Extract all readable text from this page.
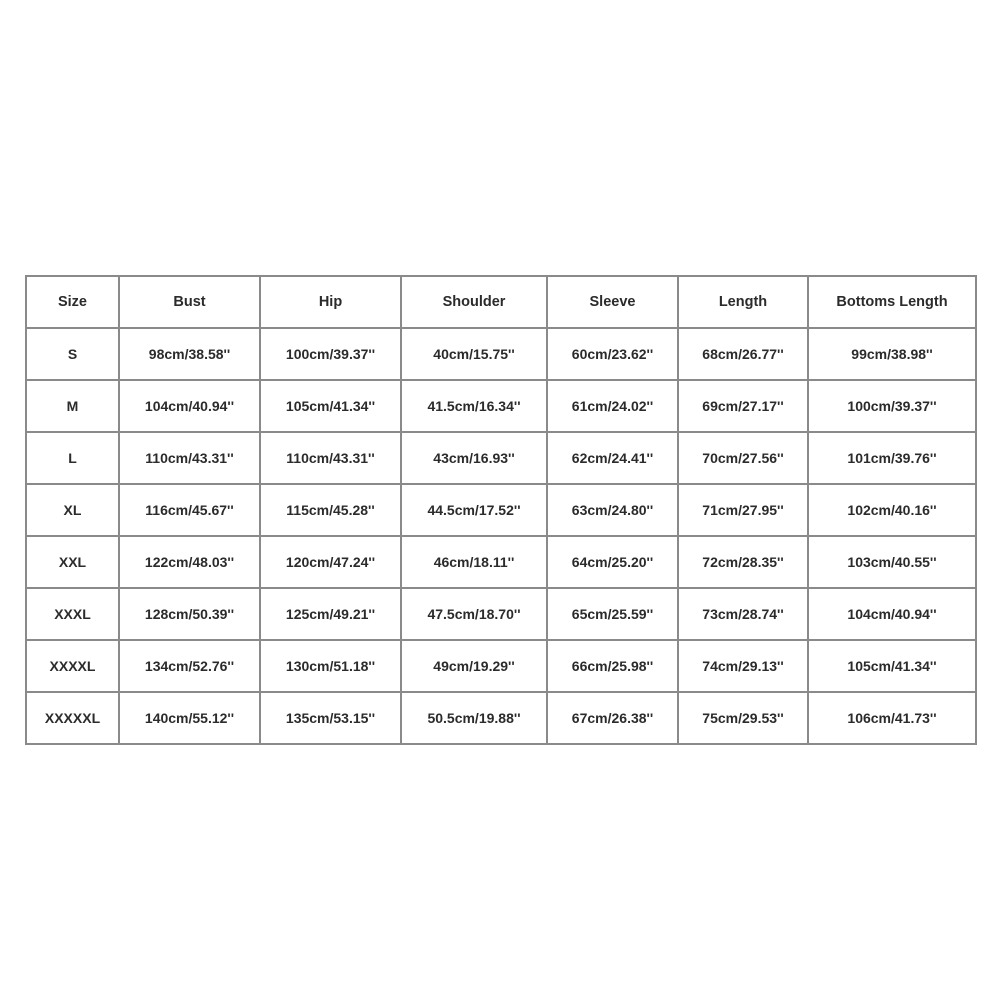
Size	Bust	Hip	Shoulder	Sleeve	Length	Bottoms Length
S	98cm/38.58''	100cm/39.37''	40cm/15.75''	60cm/23.62''	68cm/26.77''	99cm/38.98''
M	104cm/40.94''	105cm/41.34''	41.5cm/16.34''	61cm/24.02''	69cm/27.17''	100cm/39.37''
L	110cm/43.31''	110cm/43.31''	43cm/16.93''	62cm/24.41''	70cm/27.56''	101cm/39.76''
XL	116cm/45.67''	115cm/45.28''	44.5cm/17.52''	63cm/24.80''	71cm/27.95''	102cm/40.16''
XXL	122cm/48.03''	120cm/47.24''	46cm/18.11''	64cm/25.20''	72cm/28.35''	103cm/40.55''
XXXL	128cm/50.39''	125cm/49.21''	47.5cm/18.70''	65cm/25.59''	73cm/28.74''	104cm/40.94''
XXXXL	134cm/52.76''	130cm/51.18''	49cm/19.29''	66cm/25.98''	74cm/29.13''	105cm/41.34''
XXXXXL	140cm/55.12''	135cm/53.15''	50.5cm/19.88''	67cm/26.38''	75cm/29.53''	106cm/41.73''
